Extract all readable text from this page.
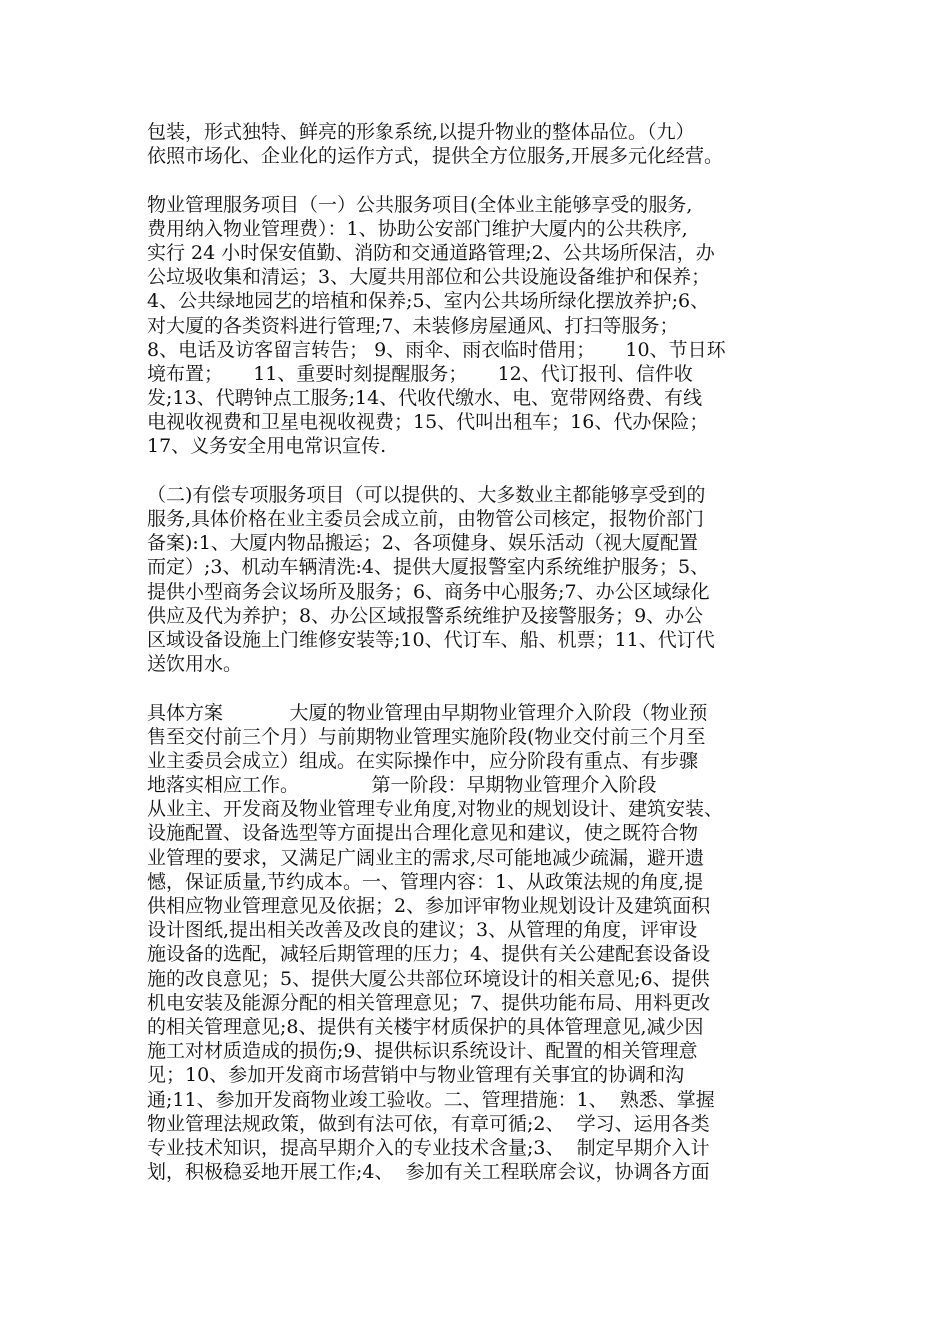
包装，形式独特、鲜亮的形象系统,以提升物业的整体品位。（九）
依照市场化、企业化的运作方式，提供全方位服务,开展多元化经营。
物业管理服务项目（一）公共服务项目(全体业主能够享受的服务,
费用纳入物业管理费）：1、协助公安部门维护大厦内的公共秩序,
实行 24 小时保安值勤、消防和交通道路管理;2、公共场所保洁，办
公垃圾收集和清运；3、大厦共用部位和公共设施设备维护和保养；
4、公共绿地园艺的培植和保养;5、室内公共场所绿化摆放养护;6、
对大厦的各类资料进行管理;7、未装修房屋通风、打扫等服务；
8、电话及访客留言转告； 9、雨伞、雨衣临时借用；     10、节日环
境布置；     11、重要时刻提醒服务；     12、代订报刊、信件收
发;13、代聘钟点工服务;14、代收代缴水、电、宽带网络费、有线
电视收视费和卫星电视收视费；15、代叫出租车；16、代办保险；
17、义务安全用电常识宣传.
（二)有偿专项服务项目（可以提供的、大多数业主都能够享受到的
服务,具体价格在业主委员会成立前，由物管公司核定，报物价部门
备案):1、大厦内物品搬运；2、各项健身、娱乐活动（视大厦配置
而定）;3、机动车辆清洗:4、提供大厦报警室内系统维护服务；5、
提供小型商务会议场所及服务；6、商务中心服务;7、办公区域绿化
供应及代为养护；8、办公区域报警系统维护及接警服务；9、办公
区域设备设施上门维修安装等;10、代订车、船、机票；11、代订代
送饮用水。
具体方案           大厦的物业管理由早期物业管理介入阶段（物业预
售至交付前三个月）与前期物业管理实施阶段(物业交付前三个月至
业主委员会成立）组成。在实际操作中，应分阶段有重点、有步骤
地落实相应工作。            第一阶段：早期物业管理介入阶段
从业主、开发商及物业管理专业角度,对物业的规划设计、建筑安装、
设施配置、设备选型等方面提出合理化意见和建议，使之既符合物
业管理的要求，又满足广阔业主的需求,尽可能地减少疏漏，避开遗
憾，保证质量,节约成本。一、管理内容：1、从政策法规的角度,提
供相应物业管理意见及依据；2、参加评审物业规划设计及建筑面积
设计图纸,提出相关改善及改良的建议；3、从管理的角度，评审设
施设备的选配，减轻后期管理的压力；4、提供有关公建配套设备设
施的改良意见；5、提供大厦公共部位环境设计的相关意见;6、提供
机电安装及能源分配的相关管理意见；7、提供功能布局、用料更改
的相关管理意见;8、提供有关楼宇材质保护的具体管理意见,减少因
施工对材质造成的损伤;9、提供标识系统设计、配置的相关管理意
见；10、参加开发商市场营销中与物业管理有关事宜的协调和沟
通;11、参加开发商物业竣工验收。二、管理措施：1、  熟悉、掌握
物业管理法规政策，做到有法可依，有章可循;2、  学习、运用各类
专业技术知识，提高早期介入的专业技术含量;3、  制定早期介入计
划，积极稳妥地开展工作;4、  参加有关工程联席会议，协调各方面
